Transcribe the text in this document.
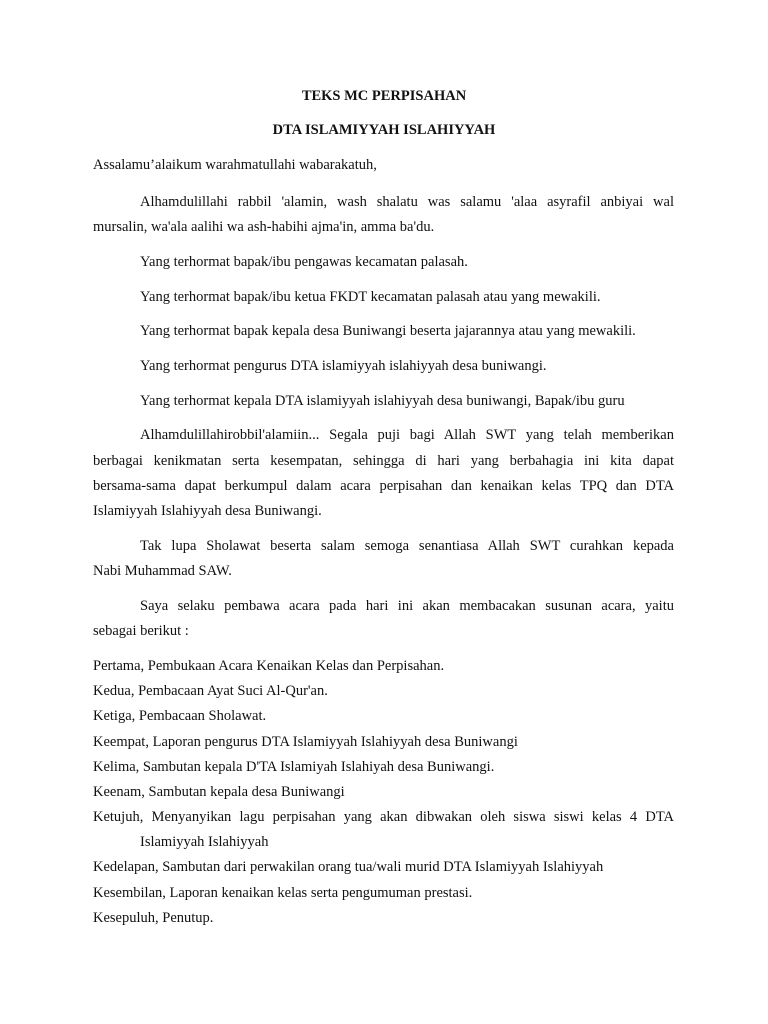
TEKS MC PERPISAHAN

DTA ISLAMIYYAH ISLAHIYYAH

Assalamu’alaikum warahmatullahi wabarakatuh,

Alhamdulillahi rabbil 'alamin, wash shalatu was salamu 'alaa asyrafil anbiyai wal

mursalin, wa'ala aalihi wa ash-habihi ajma'in, amma ba'du.

Yang terhormat bapak/ibu pengawas kecamatan palasah.

Yang terhormat bapak/ibu ketua FKDT kecamatan palasah atau yang mewakili.

Yang terhormat bapak kepala desa Buniwangi beserta jajarannya atau yang mewakili.

Yang terhormat pengurus DTA islamiyyah islahiyyah desa buniwangi.

Yang terhormat kepala DTA islamiyyah islahiyyah desa buniwangi, Bapak/ibu guru

Alhamdulillahirobbil'alamiin... Segala puji bagi Allah SWT yang telah memberikan

berbagai kenikmatan serta kesempatan, sehingga di hari yang berbahagia ini kita dapat

bersama-sama dapat berkumpul dalam acara perpisahan dan kenaikan kelas TPQ dan DTA

Islamiyyah Islahiyyah desa Buniwangi.

Tak lupa Sholawat beserta salam semoga senantiasa Allah SWT curahkan kepada

Nabi Muhammad SAW.

Saya selaku pembawa acara pada hari ini akan membacakan susunan acara, yaitu

sebagai berikut :

Pertama, Pembukaan Acara Kenaikan Kelas dan Perpisahan.

Kedua, Pembacaan Ayat Suci Al-Qur'an.

Ketiga, Pembacaan Sholawat.

Keempat, Laporan pengurus DTA Islamiyyah Islahiyyah desa Buniwangi

Kelima, Sambutan kepala D'TA Islamiyah Islahiyah desa Buniwangi.

Keenam, Sambutan kepala desa Buniwangi

Ketujuh, Menyanyikan lagu perpisahan yang akan dibwakan oleh siswa siswi kelas 4 DTA

Islamiyyah Islahiyyah

Kedelapan, Sambutan dari perwakilan orang tua/wali murid DTA Islamiyyah Islahiyyah

Kesembilan, Laporan kenaikan kelas serta pengumuman prestasi.

Kesepuluh, Penutup.
